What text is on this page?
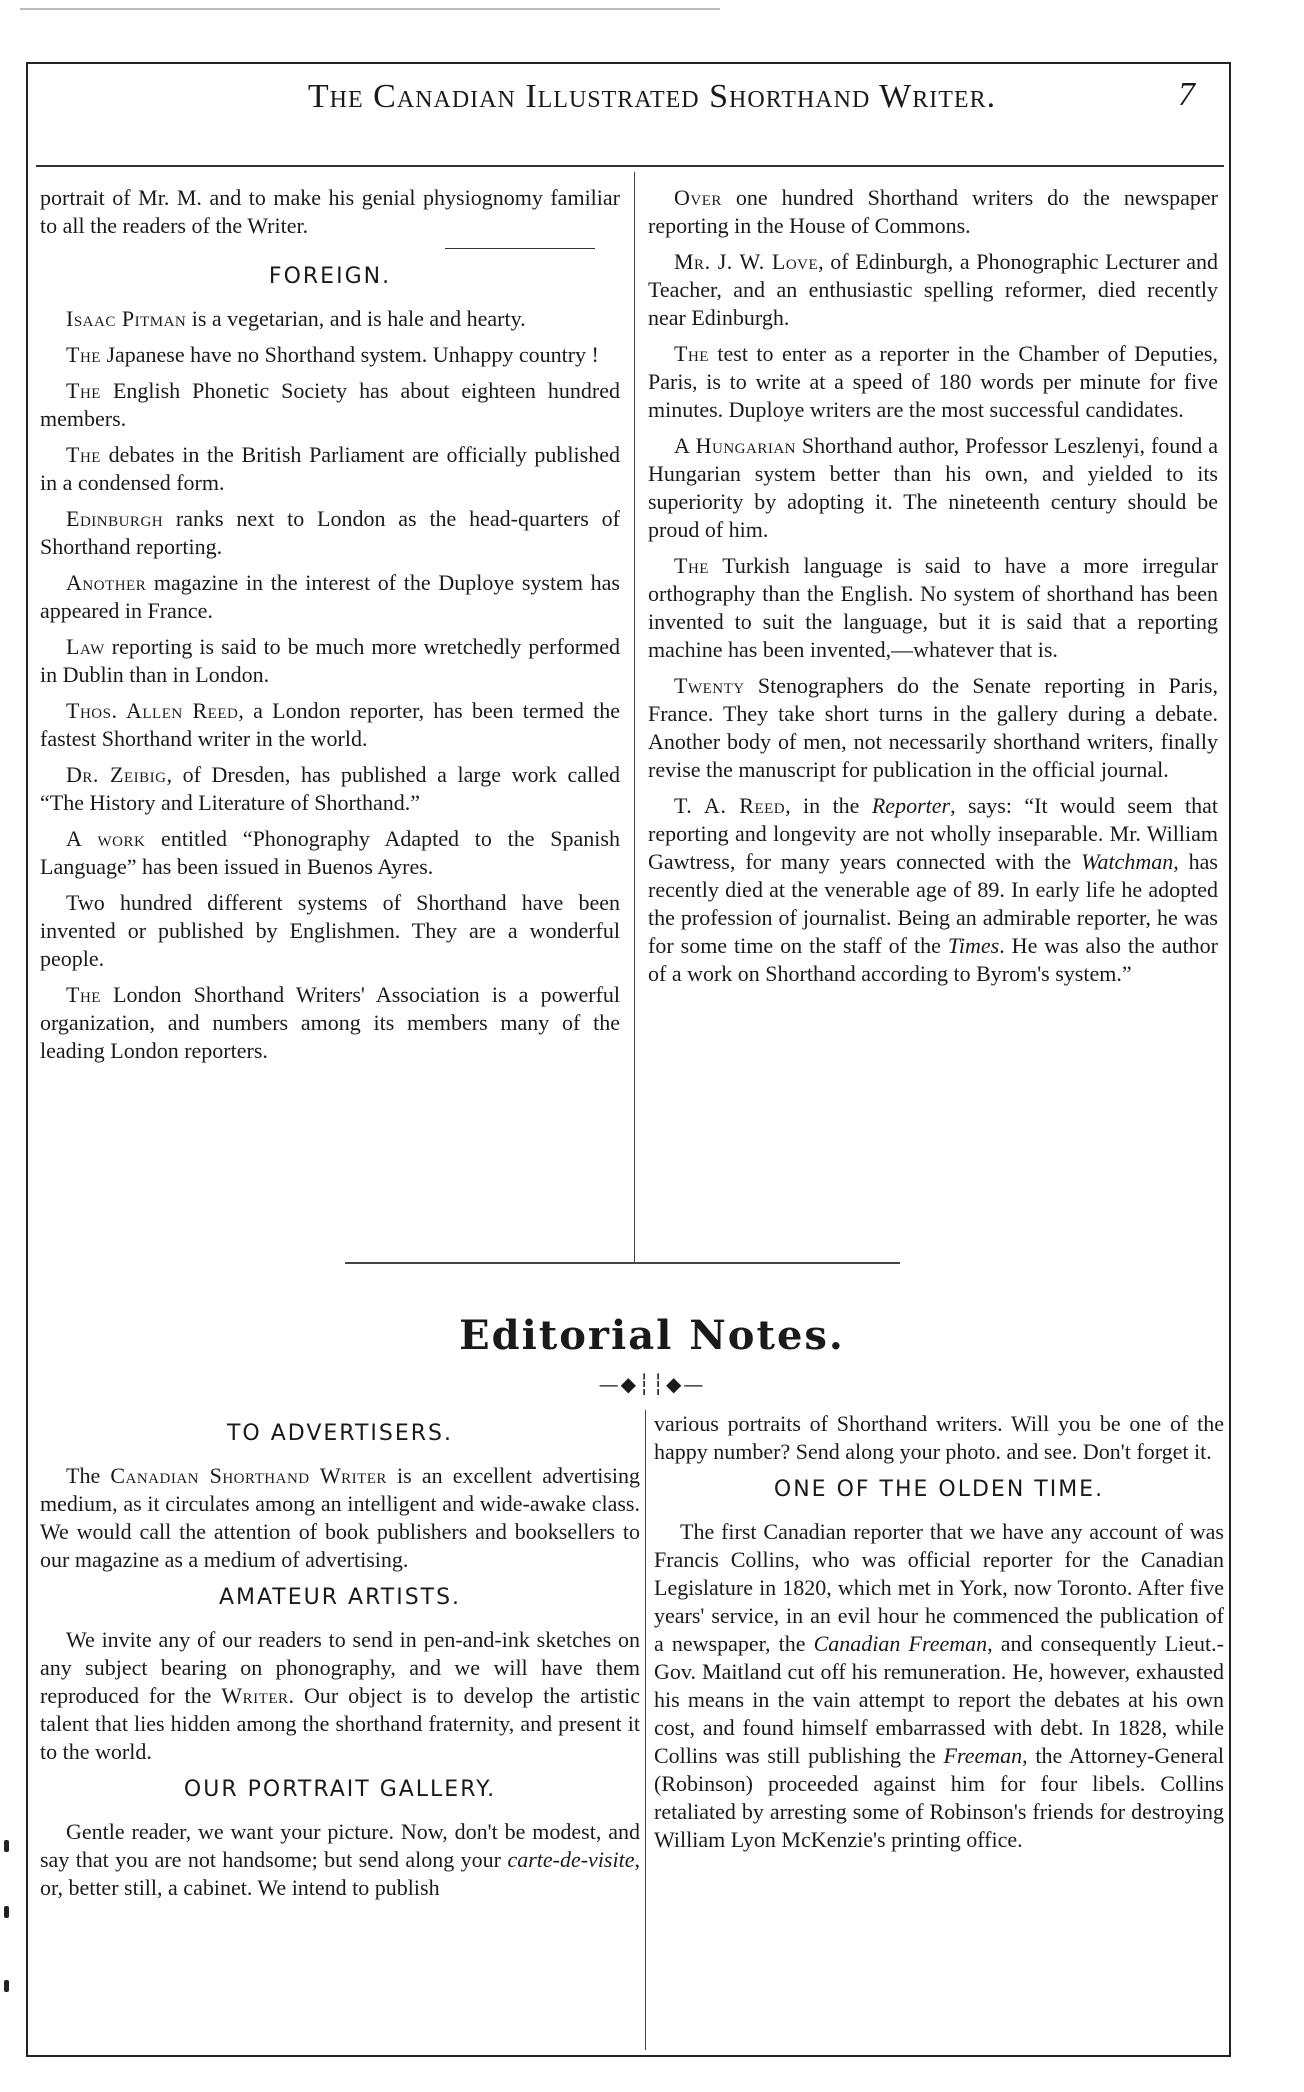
The Canadian Illustrated Shorthand Writer.	7

portrait of Mr. M. and to make his genial physiognomy familiar to all the readers of the Writer.

FOREIGN.

Isaac Pitman is a vegetarian, and is hale and hearty.

The Japanese have no Shorthand system. Unhappy country !

The English Phonetic Society has about eighteen hundred members.

The debates in the British Parliament are officially published in a condensed form.

Edinburgh ranks next to London as the head-quarters of Shorthand reporting.

Another magazine in the interest of the Duploye system has appeared in France.

Law reporting is said to be much more wretchedly performed in Dublin than in London.

Thos. Allen Reed, a London reporter, has been termed the fastest Shorthand writer in the world.

Dr. Zeibig, of Dresden, has published a large work called “The History and Literature of Shorthand.”

A work entitled “Phonography Adapted to the Spanish Language” has been issued in Buenos Ayres.

Two hundred different systems of Shorthand have been invented or published by Englishmen. They are a wonderful people.

The London Shorthand Writers' Association is a powerful organization, and numbers among its members many of the leading London reporters.

Over one hundred Shorthand writers do the newspaper reporting in the House of Commons.

Mr. J. W. Love, of Edinburgh, a Phonographic Lecturer and Teacher, and an enthusiastic spelling reformer, died recently near Edinburgh.

The test to enter as a reporter in the Chamber of Deputies, Paris, is to write at a speed of 180 words per minute for five minutes. Duploye writers are the most successful candidates.

A Hungarian Shorthand author, Professor Leszlenyi, found a Hungarian system better than his own, and yielded to its superiority by adopting it. The nineteenth century should be proud of him.

The Turkish language is said to have a more irregular orthography than the English. No system of shorthand has been invented to suit the language, but it is said that a reporting machine has been invented,—whatever that is.

Twenty Stenographers do the Senate reporting in Paris, France. They take short turns in the gallery during a debate. Another body of men, not necessarily shorthand writers, finally revise the manuscript for publication in the official journal.

T. A. Reed, in the Reporter, says: “It would seem that reporting and longevity are not wholly inseparable. Mr. William Gawtress, for many years connected with the Watchman, has recently died at the venerable age of 89. In early life he adopted the profession of journalist. Being an admirable reporter, he was for some time on the staff of the Times. He was also the author of a work on Shorthand according to Byrom's system.”

Editorial Notes.
—◆┆┆◆—
TO ADVERTISERS.

The Canadian Shorthand Writer is an excellent advertising medium, as it circulates among an intelligent and wide-awake class. We would call the attention of book publishers and booksellers to our magazine as a medium of advertising.

AMATEUR ARTISTS.

We invite any of our readers to send in pen-and-ink sketches on any subject bearing on phonography, and we will have them reproduced for the Writer. Our object is to develop the artistic talent that lies hidden among the shorthand fraternity, and present it to the world.

OUR PORTRAIT GALLERY.

Gentle reader, we want your picture. Now, don't be modest, and say that you are not handsome; but send along your carte-de-visite, or, better still, a cabinet. We intend to publish

various portraits of Shorthand writers. Will you be one of the happy number? Send along your photo. and see. Don't forget it.

ONE OF THE OLDEN TIME.

The first Canadian reporter that we have any account of was Francis Collins, who was official reporter for the Canadian Legislature in 1820, which met in York, now Toronto. After five years' service, in an evil hour he commenced the publication of a newspaper, the Canadian Freeman, and consequently Lieut.-Gov. Maitland cut off his remuneration. He, however, exhausted his means in the vain attempt to report the debates at his own cost, and found himself embarrassed with debt. In 1828, while Collins was still publishing the Freeman, the Attorney-General (Robinson) proceeded against him for four libels. Collins retaliated by arresting some of Robinson's friends for destroying William Lyon McKenzie's printing office.
